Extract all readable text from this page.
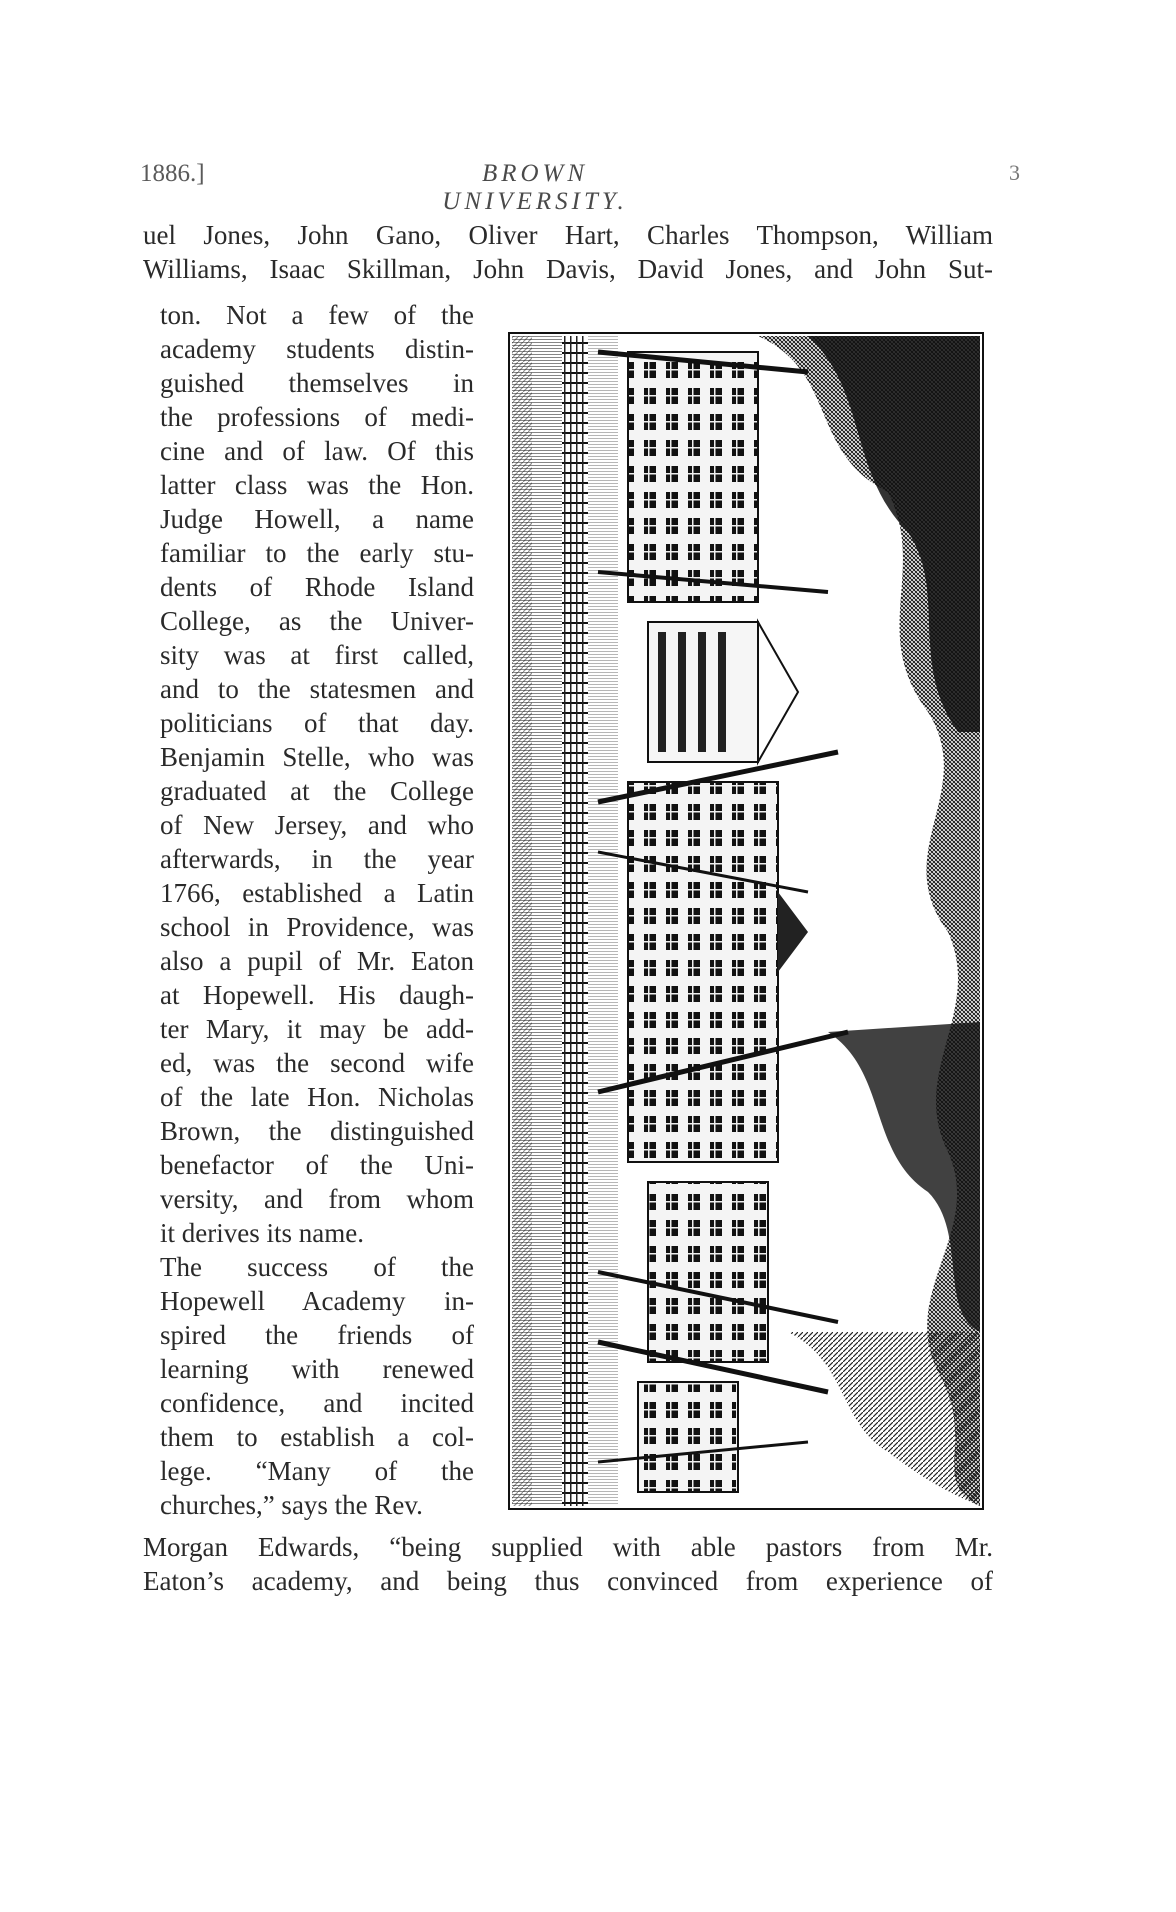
1886.]	BROWN UNIVERSITY.
3
uel Jones, John Gano, Oliver Hart, Charles Thompson, William
Williams, Isaac Skillman, John Davis, David Jones, and John Sut-
ton. Not a few of the
academy students distin-
guished themselves in
the professions of medi-
cine and of law. Of this
latter class was the Hon.
Judge Howell, a name
familiar to the early stu-
dents of Rhode Island
College, as the Univer-
sity was at first called,
and to the statesmen and
politicians of that day.
Benjamin Stelle, who was
graduated at the College
of New Jersey, and who
afterwards, in the year
1766, established a Latin
school in Providence, was
also a pupil of Mr. Eaton
at Hopewell. His daugh-
ter Mary, it may be add-
ed, was the second wife
of the late Hon. Nicholas
Brown, the distinguished
benefactor of the Uni-
versity, and from whom
it derives its name.
The success of the
Hopewell Academy in-
spired the friends of
learning with renewed
confidence, and incited
them to establish a col-
lege. “Many of the
churches,” says the Rev.
Morgan Edwards, “being supplied with able pastors from Mr.
Eaton’s academy, and being thus convinced from experience of
